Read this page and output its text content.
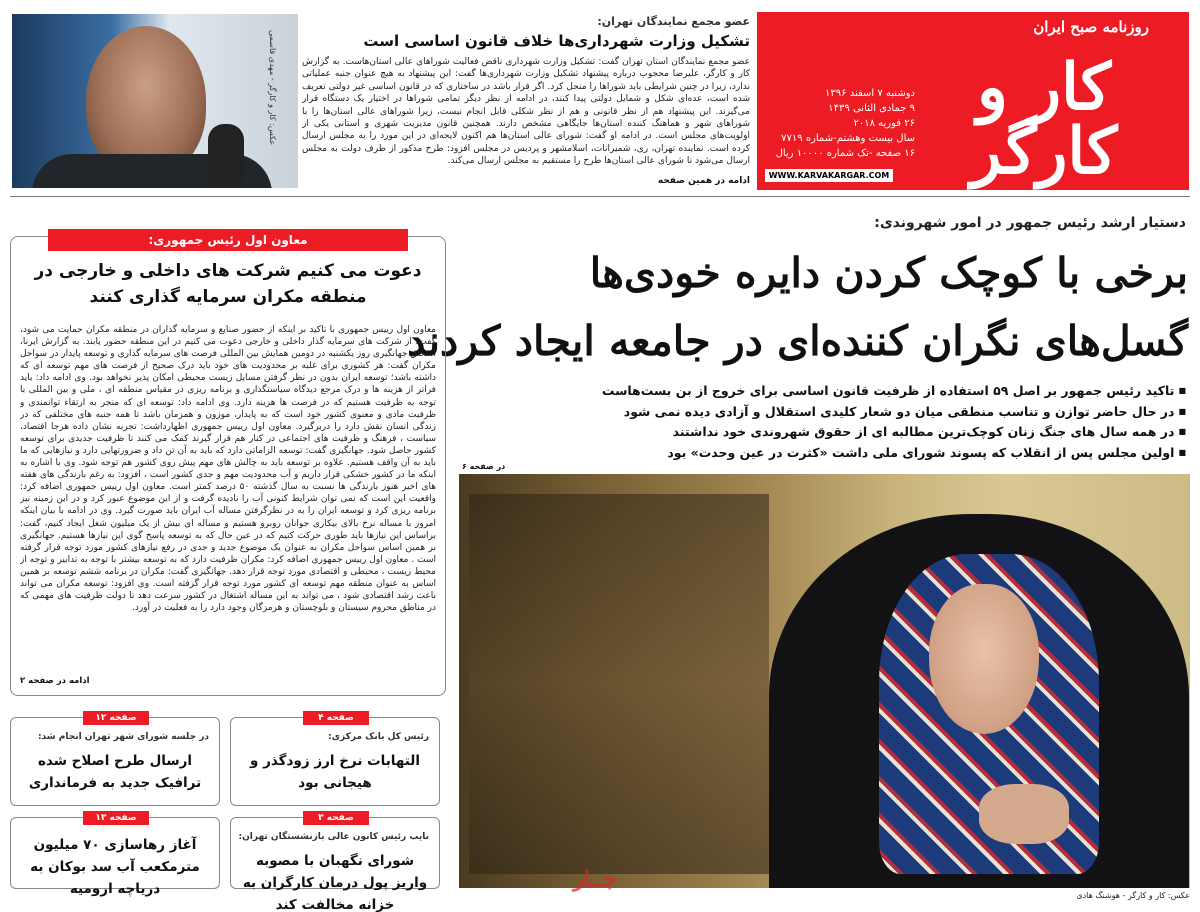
روزنامه صبح ایران
کار و کارگر
دوشنبه ۷ اسفند ۱۳۹۶
۹ جمادی الثانی ۱۴۳۹
۲۶ فوریه ۲۰۱۸
سال بیست وهشتم-شماره ۷۷۱۹
۱۶ صفحه -تک شماره ۱۰۰۰۰ ریال
WWW.KARVAKARGAR.COM
عضو مجمع نمایندگان تهران:
تشکیل وزارت شهرداری‌ها خلاف قانون اساسی است
عضو مجمع نمایندگان استان تهران گفت: تشکیل وزارت شهرداری ناقض فعالیت شوراهای عالی استان‌هاست. به گزارش کار و کارگر، علیرضا محجوب درباره پیشنهاد تشکیل وزارت شهرداری‌ها گفت: این پیشنهاد به هیچ عنوان جنبه عملیاتی ندارد، زیرا در چنین شرایطی باید شوراها را منحل کرد. اگر قرار باشد در ساختاری که در قانون اساسی غیر دولتی تعریف شده است، عده‌ای شکل و شمایل دولتی پیدا کنند، در ادامه از نظر دیگر تمامی شوراها در اختیار یک دستگاه قرار می‌گیرند. این پیشنهاد هم از نظر قانونی و هم از نظر شکلی قابل انجام نیست، زیرا شوراهای عالی استان‌ها را با شوراهای شهر و هماهنگ کننده استان‌ها جایگاهی مشخص دارند. همچنین قانون مدیریت شهری و استانی یکی از اولویت‌های مجلس است. در ادامه او گفت: شورای عالی استان‌ها هم اکنون لایحه‌ای در این مورد را به مجلس ارسال کرده است. نماینده تهران، ری، شمیرانات، اسلامشهر و پردیس در مجلس افزود: طرح مذکور از طرف دولت به مجلس ارسال می‌شود تا شورای عالی استان‌ها طرح را مستقیم به مجلس ارسال می‌کند.
ادامه در همین صفحه
عکس: کار و کارگر - مهدی قاسمی
دستیار ارشد رئیس جمهور در امور شهروندی:
برخی با کوچک کردن دایره خودی‌ها
گسل‌های نگران کننده‌ای در جامعه ایجاد کردند
■ تاکید رئیس جمهور بر اصل ۵۹ استفاده از ظرفیت قانون اساسی برای خروج از بن بست‌هاست
■ در حال حاضر توازن و تناسب منطقی میان دو شعار کلیدی استقلال و آزادی دیده نمی شود
■ در همه سال های جنگ زنان کوچک‌ترین مطالبه ای از حقوق شهروندی خود نداشتند
■ اولین مجلس پس از انقلاب که پسوند شورای ملی داشت «کثرت در عین وحدت» بود
در صفحه ۶
عکس: کار و کارگر - هوشنگ هادی
معاون اول رئیس جمهوری:
دعوت می کنیم شرکت های داخلی و خارجی در منطقه مکران سرمایه گذاری کنند
معاون اول رییس جمهوری با تاکید بر اینکه از حضور صنایع و سرمایه گذاران در منطقه مکران حمایت می شود، گفت: از شرکت های سرمایه گذار داخلی و خارجی دعوت می کنیم در این منطقه حضور یابند. به گزارش ایرنا، اسحاق جهانگیری روز یکشنبه در دومین همایش بین المللی فرصت های سرمایه گذاری و توسعه پایدار در سواحل مکران گفت: هر کشوری برای غلبه بر محدودیت های خود باید درک صحیح از فرصت های مهم توسعه ای که داشته باشد؛ توسعه ایران بدون در نظر گرفتن مسایل زیست محیطی امکان پذیر نخواهد بود. وی ادامه داد: باید فراتر از هزینه ها و درک مرجع دیدگاه سیاستگذاری و برنامه ریزی در مقیاس منطقه ای ، ملی و بین المللی با توجه به ظرفیت هستیم که در فرصت ها هزینه دارد. وی ادامه داد: توسعه ای که منجر به ارتقاء توانمندی و ظرفیت مادی و معنوی کشور خود است که به پایدار، موزون و همزمان باشد تا همه جنبه های مختلفی که در زندگی انسان نقش دارد را دربرگیرد. معاون اول رییس جمهوری اظهارداشت: تجربه نشان داده هرجا اقتصاد، سیاست ، فرهنگ و ظرفیت های اجتماعی در کنار هم قرار گیرند کمک می کنند تا ظرفیت جدیدی برای توسعه کشور حاصل شود. جهانگیری گفت: توسعه الزاماتی دارد که باید به آن تن داد و ضرورتهایی دارد و نیازهایی که ما باید به آن واقف هستیم. علاوه بر توسعه باید به چالش های مهم پیش روی کشور هم توجه شود. وی با اشاره به اینکه ما در کشور خشکی قرار داریم و آب محدودیت مهم و جدی کشور است ، افزود: به رغم بارندگی های هفته های اخیر هنوز بارندگی ها نسبت به سال گذشته ۵۰ درصد کمتر است. معاون اول رییس جمهوری اضافه کرد: واقعیت این است که نمی توان شرایط کنونی آب را نادیده گرفت و از این موضوع عبور کرد و در این زمینه نیز برنامه ریزی کرد و توسعه ایران را به در نظرگرفتن مساله آب ایران باید صورت گیرد. وی در ادامه با بیان اینکه امروز با مساله نرخ بالای بیکاری جوانان روبرو هستیم و مساله ای بیش از یک میلیون شغل ایجاد کنیم، گفت: براساس این نیازها باید طوری حرکت کنیم که در عین حال که به توسعه پاسخ گوی این نیازها هستیم. جهانگیری بر همین اساس سواحل مکران به عنوان یک موضوع جدید و جدی در رفع نیازهای کشور مورد توجه قرار گرفته است . معاون اول رییس جمهوری اضافه کرد: مکران ظرفیت دارد که به توسعه بیشتر با توجه به تدابیر و توجه از محیط زیست ، محیطی و اقتصادی مورد توجه قرار دهد. جهانگیری گفت: مکران در برنامه ششم توسعه بر همین اساس به عنوان منطقه مهم توسعه ای کشور مورد توجه قرار گرفته است. وی افزود: توسعه مکران می تواند باعث رشد اقتصادی شود ، می تواند به این مساله اشتغال در کشور سرعت دهد تا دولت ظرفیت های مهمی که در مناطق محروم سیستان و بلوچستان و هرمزگان وجود دارد را به فعلیت در آورد.
ادامه در صفحه ۲
صفحه ۱۲
در جلسه شورای شهر تهران انجام شد:
ارسال طرح اصلاح شده ترافیک جدید به فرمانداری
صفحه ۴
رئیس کل بانک مرکزی:
التهابات نرخ ارز زودگذر و هیجانی بود
صفحه ۱۳
آغاز رهاسازی ۷۰ میلیون مترمکعب آب سد بوکان به دریاچه ارومیه
صفحه ۳
نایب رئیس کانون عالی بازنشستگان تهران:
شورای نگهبان با مصوبه واریز پول درمان کارگران به خزانه مخالفت کند
جــار
